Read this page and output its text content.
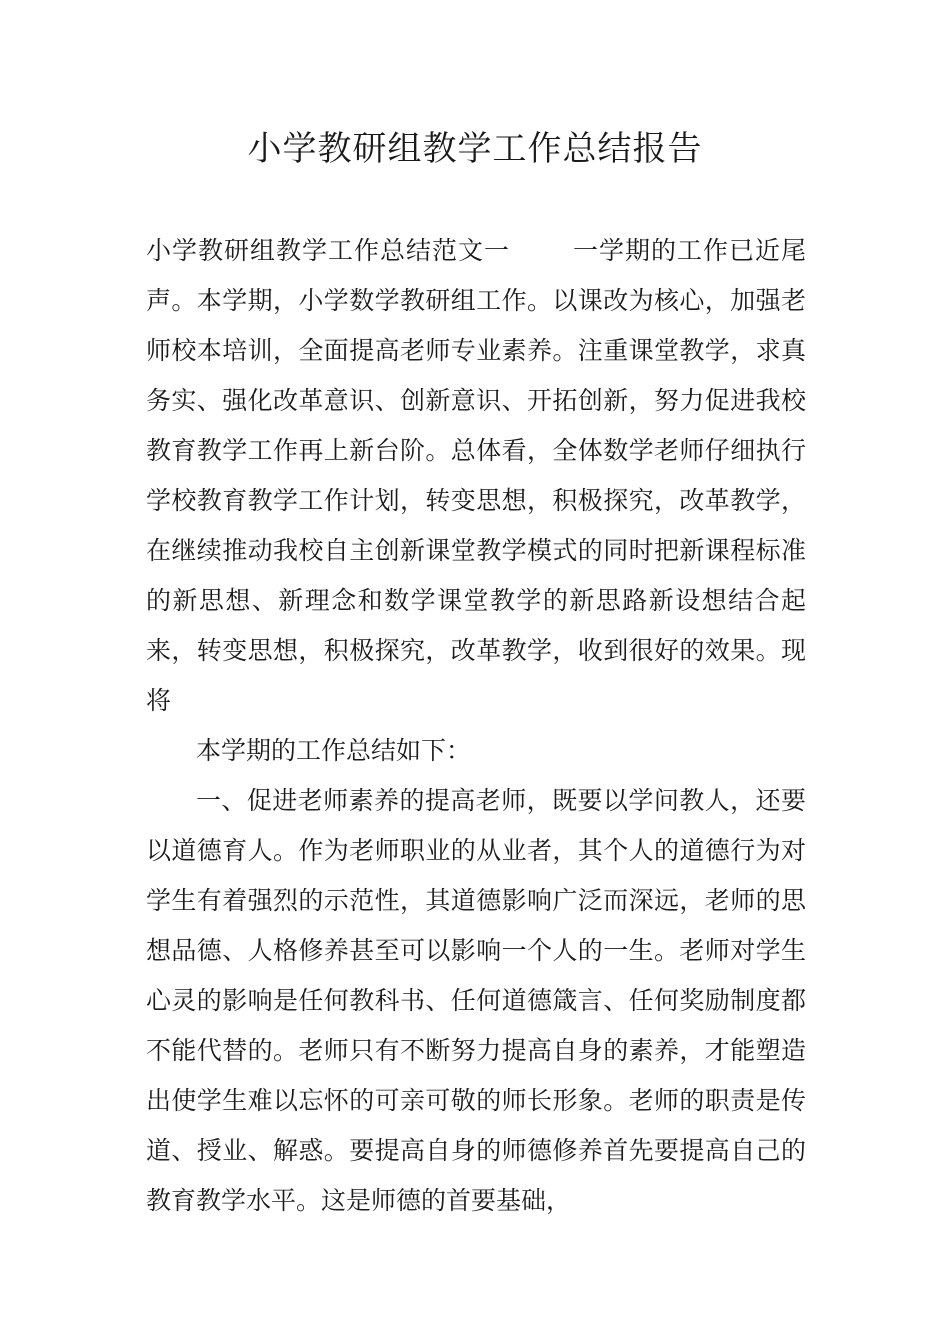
小学教研组教学工作总结报告

小学教研组教学工作总结范文一 一学期的工作已近尾声。本学期，小学数学教研组工作。以课改为核心，加强老师校本培训，全面提高老师专业素养。注重课堂教学，求真务实、强化改革意识、创新意识、开拓创新，努力促进我校教育教学工作再上新台阶。总体看，全体数学老师仔细执行学校教育教学工作计划，转变思想，积极探究，改革教学，在继续推动我校自主创新课堂教学模式的同时把新课程标准的新思想、新理念和数学课堂教学的新思路新设想结合起来，转变思想，积极探究，改革教学，收到很好的效果。现将

本学期的工作总结如下：

一、促进老师素养的提高老师，既要以学问教人，还要以道德育人。作为老师职业的从业者，其个人的道德行为对学生有着强烈的示范性，其道德影响广泛而深远，老师的思想品德、人格修养甚至可以影响一个人的一生。老师对学生心灵的影响是任何教科书、任何道德箴言、任何奖励制度都不能代替的。老师只有不断努力提高自身的素养，才能塑造出使学生难以忘怀的可亲可敬的师长形象。老师的职责是传道、授业、解惑。要提高自身的师德修养首先要提高自己的教育教学水平。这是师德的首要基础，
